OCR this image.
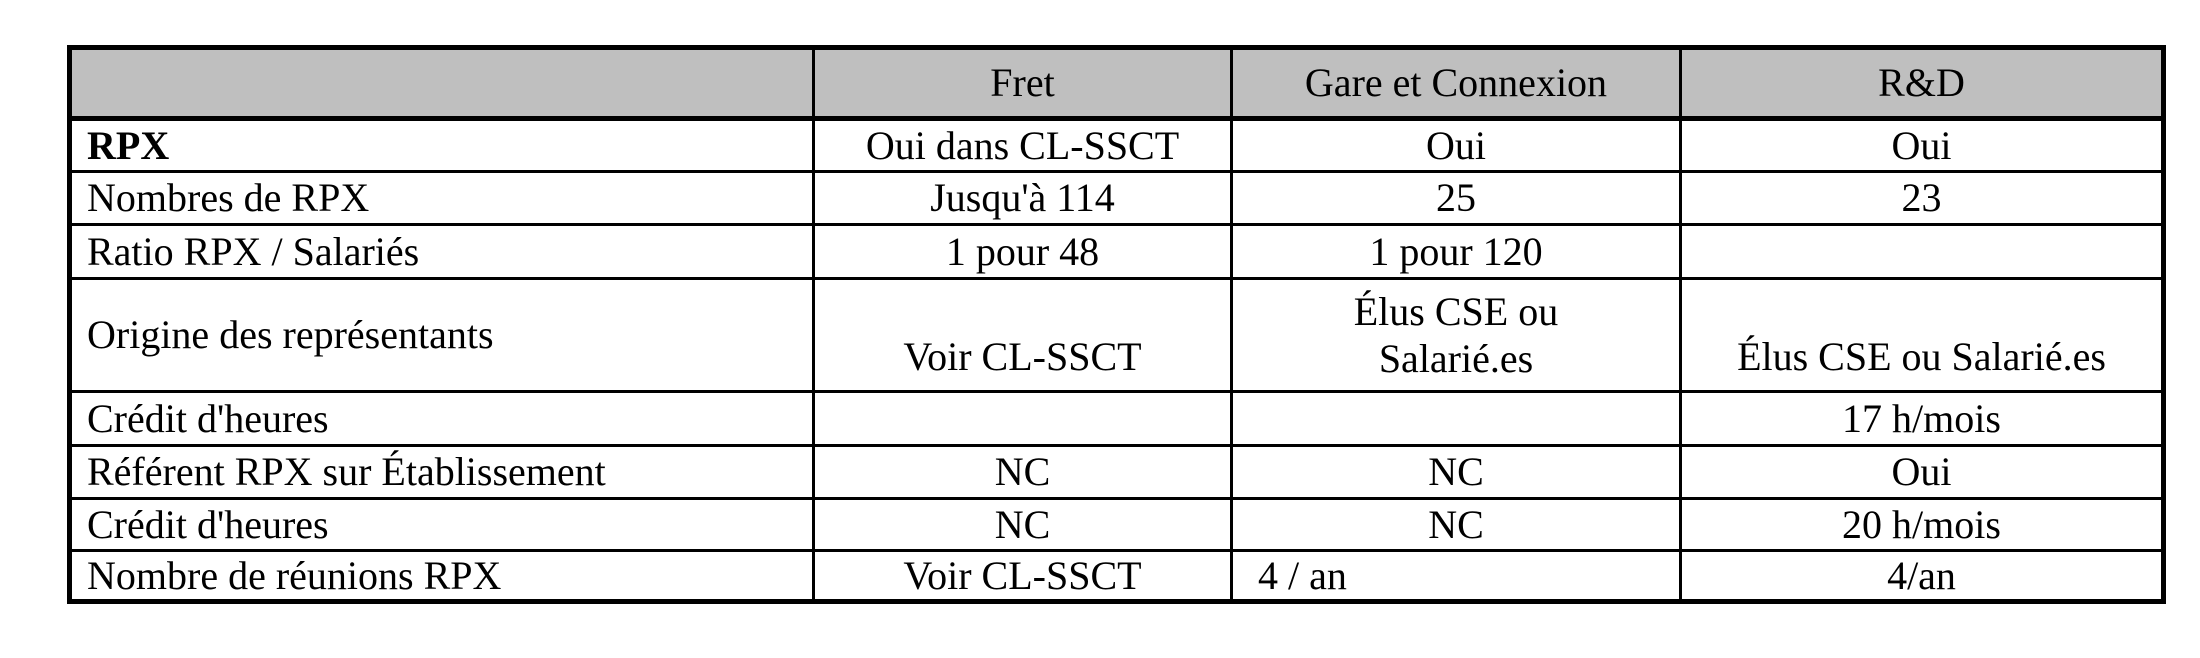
	Fret	Gare et Connexion	R&D
RPX	Oui dans CL-SSCT	Oui	Oui
Nombres de RPX	Jusqu'à 114	25	23
Ratio RPX / Salariés	1 pour 48	1 pour 120	
Origine des représentants	Voir CL-SSCT	Élus CSE ou Salarié.es	Élus CSE ou Salarié.es
Crédit d'heures			17 h/mois
Référent RPX sur Établissement	NC	NC	Oui
Crédit d'heures	NC	NC	20 h/mois
Nombre de réunions RPX	Voir CL-SSCT	4 / an	4/an
